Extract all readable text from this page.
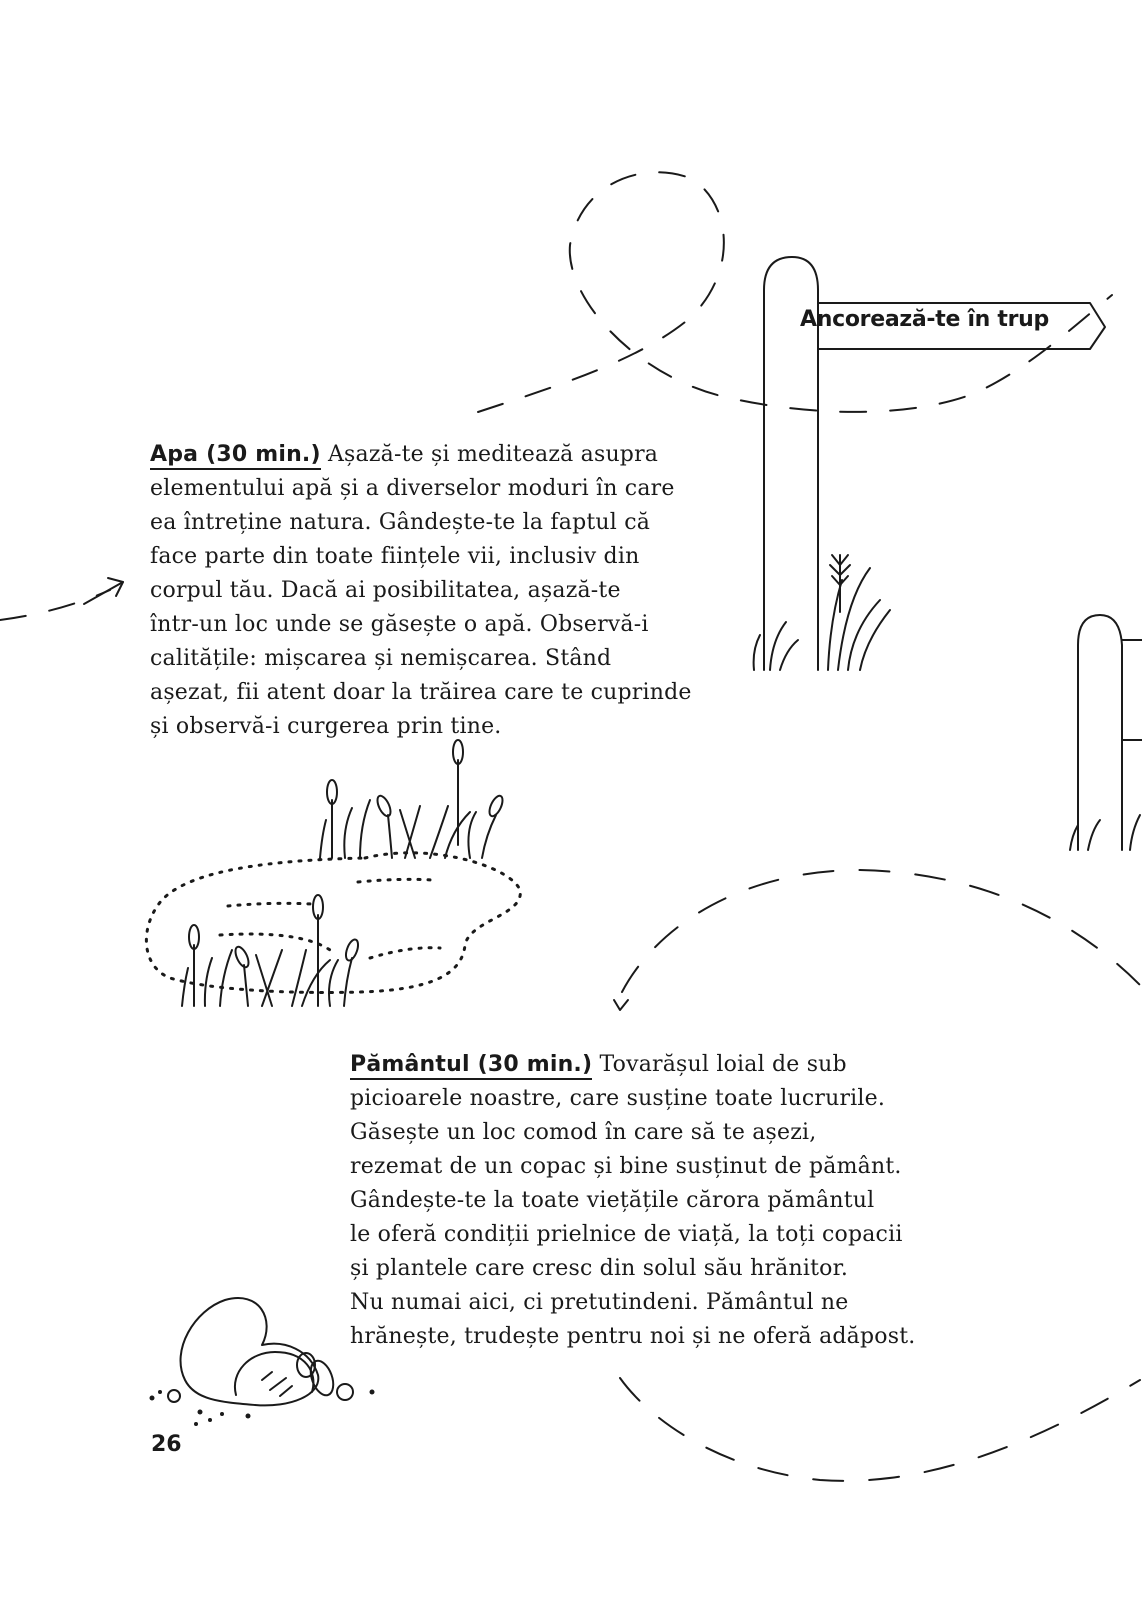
Ancorează-te în trup
Apa (30 min.) Așază-te și meditează asupra
elementului apă și a diverselor moduri în care
ea întreține natura. Gândește-te la faptul că
face parte din toate ființele vii, inclusiv din
corpul tău. Dacă ai posibilitatea, așază-te
într-un loc unde se găsește o apă. Observă-i
calitățile: mișcarea și nemișcarea. Stând
așezat, fii atent doar la trăirea care te cuprinde
și observă-i curgerea prin tine.
Pământul (30 min.) Tovarășul loial de sub
picioarele noastre, care susține toate lucrurile.
Găsește un loc comod în care să te așezi,
rezemat de un copac și bine susținut de pământ.
Gândește-te la toate viețățile cărora pământul
le oferă condiții prielnice de viață, la toți copacii
și plantele care cresc din solul său hrănitor.
Nu numai aici, ci pretutindeni. Pământul ne
hrănește, trudește pentru noi și ne oferă adăpost.
26
